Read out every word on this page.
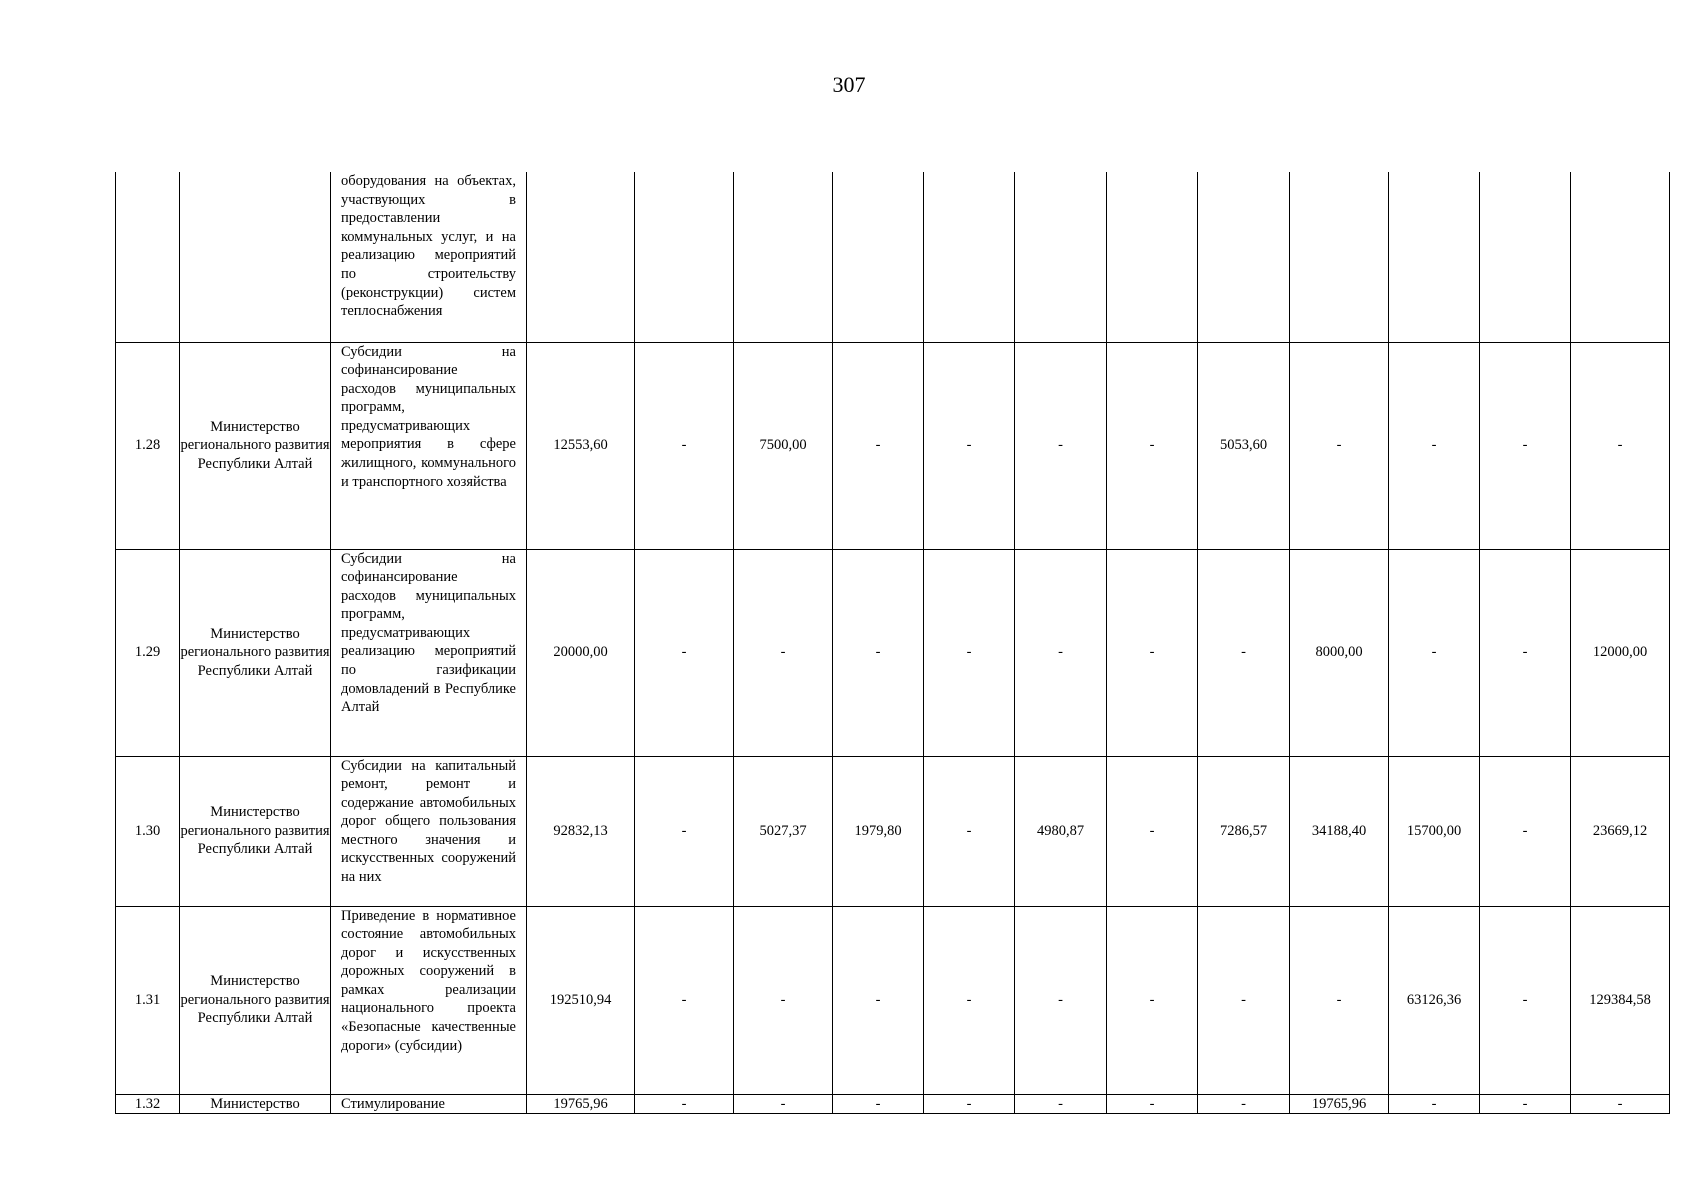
307
		оборудования на объектах, участвующих в предоставлении коммунальных услуг, и на реализацию мероприятий по строительству (реконструкции) систем теплоснабжения												
1.28	Министерство регионального развития Республики Алтай	Субсидии на софинансирование расходов муниципальных программ, предусматривающих мероприятия в сфере жилищного, коммунального и транспортного хозяйства	12553,60	-	7500,00	-	-	-	-	5053,60	-	-	-	-
1.29	Министерство регионального развития Республики Алтай	Субсидии на софинансирование расходов муниципальных программ, предусматривающих реализацию мероприятий по газификации домовладений в Республике Алтай	20000,00	-	-	-	-	-	-	-	8000,00	-	-	12000,00
1.30	Министерство регионального развития Республики Алтай	Субсидии на капитальный ремонт, ремонт и содержание автомобильных дорог общего пользования местного значения и искусственных сооружений на них	92832,13	-	5027,37	1979,80	-	4980,87	-	7286,57	34188,40	15700,00	-	23669,12
1.31	Министерство регионального развития Республики Алтай	Приведение в нормативное состояние автомобильных дорог и искусственных дорожных сооружений в рамках реализации национального проекта «Безопасные качественные дороги» (субсидии)	192510,94	-	-	-	-	-	-	-	-	63126,36	-	129384,58
1.32	Министерство	Стимулирование	19765,96	-	-	-	-	-	-	-	19765,96	-	-	-
